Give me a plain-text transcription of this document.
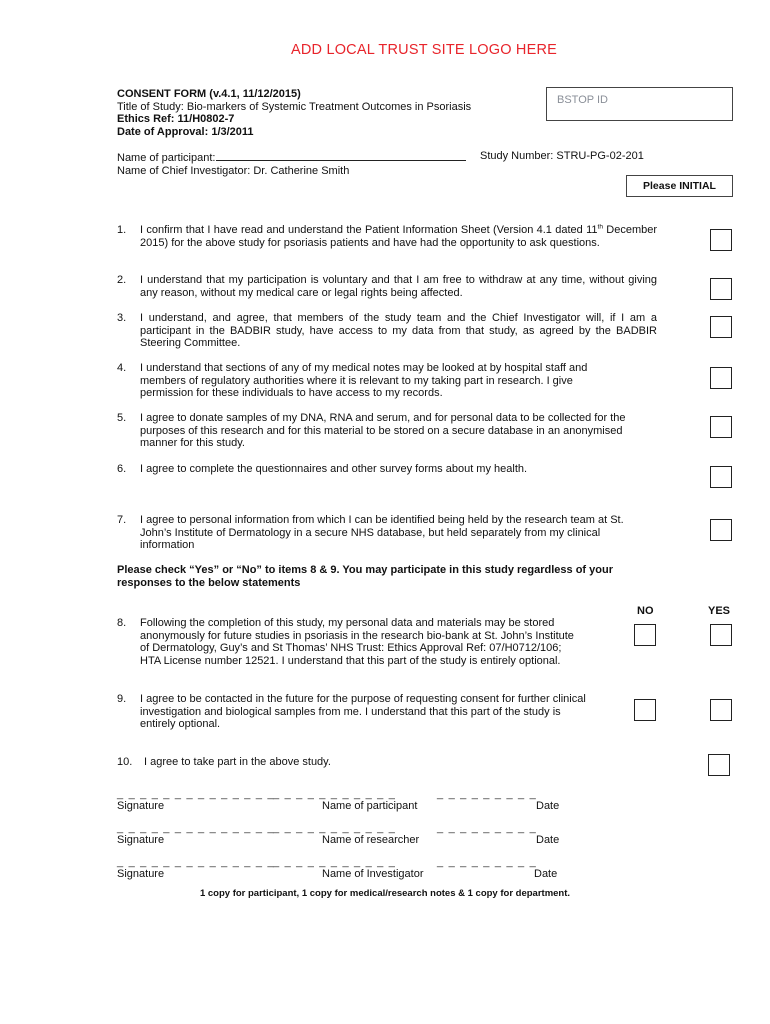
ADD LOCAL TRUST SITE LOGO HERE
CONSENT FORM (v.4.1, 11/12/2015)
Title of Study: Bio-markers of Systemic Treatment Outcomes in Psoriasis
Ethics Ref: 11/H0802-7
Date of Approval: 1/3/2011
BSTOP ID
Name of participant:
Name of Chief Investigator: Dr. Catherine Smith
Study Number: STRU-PG-02-201
Please INITIAL
1. I confirm that I have read and understand the Patient Information Sheet (Version 4.1 dated 11th December 2015) for the above study for psoriasis patients and have had the opportunity to ask questions.
2. I understand that my participation is voluntary and that I am free to withdraw at any time, without giving any reason, without my medical care or legal rights being affected.
3. I understand, and agree, that members of the study team and the Chief Investigator will, if I am a participant in the BADBIR study, have access to my data from that study, as agreed by the BADBIR Steering Committee.
4. I understand that sections of any of my medical notes may be looked at by hospital staff and members of regulatory authorities where it is relevant to my taking part in research. I give permission for these individuals to have access to my records.
5. I agree to donate samples of my DNA, RNA and serum, and for personal data to be collected for the purposes of this research and for this material to be stored on a secure database in an anonymised manner for this study.
6. I agree to complete the questionnaires and other survey forms about my health.
7. I agree to personal information from which I can be identified being held by the research team at St. John’s Institute of Dermatology in a secure NHS database, but held separately from my clinical information
Please check “Yes” or “No” to items 8 & 9. You may participate in this study regardless of your responses to the below statements
NO	YES
8. Following the completion of this study, my personal data and materials may be stored anonymously for future studies in psoriasis in the research bio-bank at St. John’s Institute of Dermatology, Guy’s and St Thomas’ NHS Trust: Ethics Approval Ref: 07/H0712/106; HTA License number 12521. I understand that this part of the study is entirely optional.
9. I agree to be contacted in the future for the purpose of requesting consent for further clinical investigation and biological samples from me. I understand that this part of the study is entirely optional.
10. I agree to take part in the above study.
_ _ _ _ _ _ _ _ _ _ _ _ _ _
_ _ _ _ _ _ _ _ _ _ _	_ _ _ _ _ _ _ _ _
Signature	Name of participant	Date
_ _ _ _ _ _ _ _ _ _ _ _ _ _
_ _ _ _ _ _ _ _ _ _ _	_ _ _ _ _ _ _ _ _
Signature	Name of researcher	Date
_ _ _ _ _ _ _ _ _ _ _ _ _ _
_ _ _ _ _ _ _ _ _ _ _	_ _ _ _ _ _ _ _ _
Signature	Name of Investigator	Date
1 copy for participant, 1 copy for medical/research notes & 1 copy for department.
